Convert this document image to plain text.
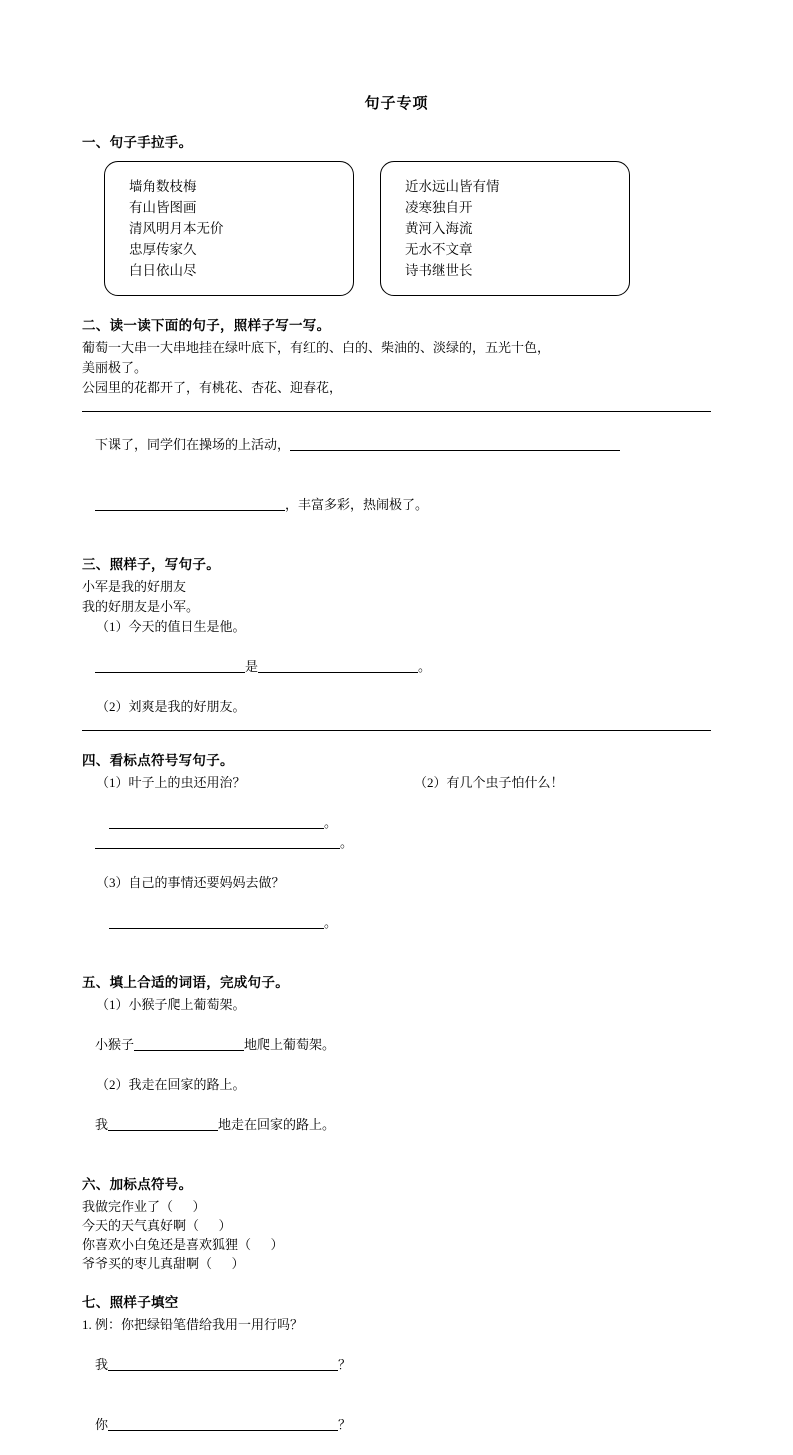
句子专项
一、句子手拉手。
墙角数枝梅
有山皆图画
清风明月本无价
忠厚传家久
白日依山尽
近水远山皆有情
凌寒独自开
黄河入海流
无水不文章
诗书继世长
二、读一读下面的句子，照样子写一写。
葡萄一大串一大串地挂在绿叶底下，有红的、白的、柴油的、淡绿的，五光十色，
美丽极了。
公园里的花都开了，有桃花、杏花、迎春花，

下课了，同学们在操场的上活动，

，丰富多彩，热闹极了。

三、照样子，写句子。
小军是我的好朋友
我的好朋友是小军。
（1）今天的值日生是他。

是	。

（2）刘爽是我的好朋友。
四、看标点符号写句子。
（1）叶子上的虫还用治？	（2）有几个虫子怕什么！

。
。

（3）自己的事情还要妈妈去做？

。

五、填上合适的词语，完成句子。
（1）小猴子爬上葡萄架。

小猴子	地爬上葡萄架。

（2）我走在回家的路上。

我	地走在回家的路上。

六、加标点符号。
我做完作业了（      ）
今天的天气真好啊（      ）
你喜欢小白兔还是喜欢狐狸（      ）
爷爷买的枣儿真甜啊（      ）
七、照样子填空
1. 例：你把绿铅笔借给我用一用行吗？

我	？

你	？
